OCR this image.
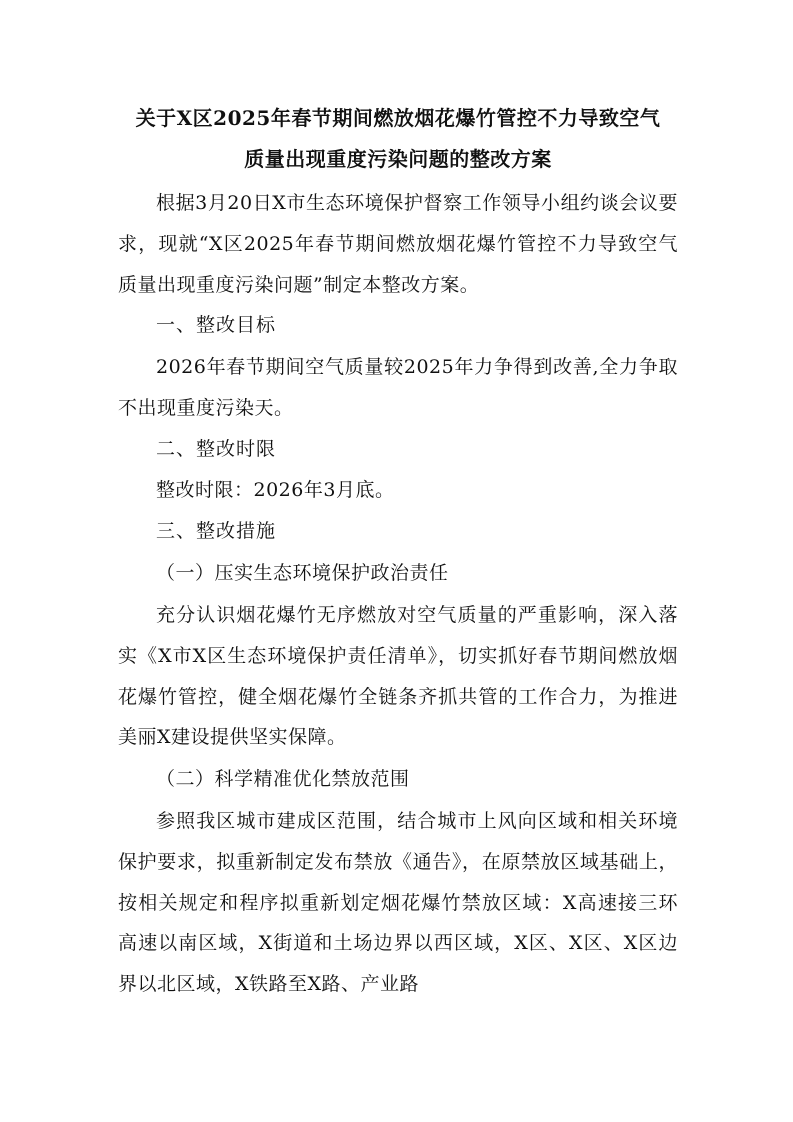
关于X区2025年春节期间燃放烟花爆竹管控不力导致空气
质量出现重度污染问题的整改方案

根据3月20日X市生态环境保护督察工作领导小组约谈会议要求，现就“X区2025年春节期间燃放烟花爆竹管控不力导致空气质量出现重度污染问题”制定本整改方案。

一、整改目标

2026年春节期间空气质量较2025年力争得到改善,全力争取不出现重度污染天。

二、整改时限

整改时限：2026年3月底。

三、整改措施

（一）压实生态环境保护政治责任

充分认识烟花爆竹无序燃放对空气质量的严重影响，深入落实《X市X区生态环境保护责任清单》，切实抓好春节期间燃放烟花爆竹管控，健全烟花爆竹全链条齐抓共管的工作合力，为推进美丽X建设提供坚实保障。

（二）科学精准优化禁放范围

参照我区城市建成区范围，结合城市上风向区域和相关环境保护要求，拟重新制定发布禁放《通告》，在原禁放区域基础上，按相关规定和程序拟重新划定烟花爆竹禁放区域：X高速接三环高速以南区域，X街道和土场边界以西区域，X区、X区、X区边界以北区域，X铁路至X路、产业路
